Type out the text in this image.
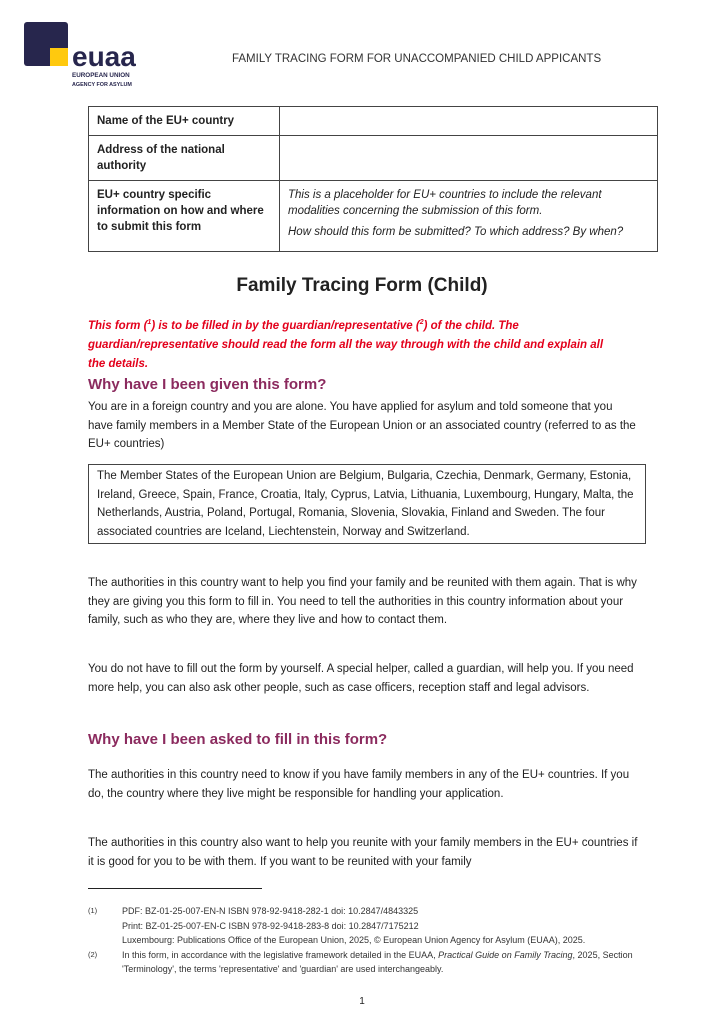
euaa
EUROPEAN UNION
AGENCY FOR ASYLUM
FAMILY TRACING FORM FOR UNACCOMPANIED CHILD APPICANTS
Name of the EU+ country	
Address of the national authority	
EU+ country specific information on how and where to submit this form	This is a placeholder for EU+ countries to include the relevant modalities concerning the submission of this form.

How should this form be submitted? To which address? By when?

Family Tracing Form (Child)
This form ($^1$) is to be filled in by the guardian/representative ($^2$) of the child. The guardian/representative should read the form all the way through with the child and explain all the details.
Why have I been given this form?

You are in a foreign country and you are alone. You have applied for asylum and told someone that you have family members in a Member State of the European Union or an associated country (referred to as the EU+ countries)

The Member States of the European Union are Belgium, Bulgaria, Czechia, Denmark, Germany, Estonia, Ireland, Greece, Spain, France, Croatia, Italy, Cyprus, Latvia, Lithuania, Luxembourg, Hungary, Malta, the Netherlands, Austria, Poland, Portugal, Romania, Slovenia, Slovakia, Finland and Sweden. The four associated countries are Iceland, Liechtenstein, Norway and Switzerland.

The authorities in this country want to help you find your family and be reunited with them again. That is why they are giving you this form to fill in. You need to tell the authorities in this country information about your family, such as who they are, where they live and how to contact them.

You do not have to fill out the form by yourself. A special helper, called a guardian, will help you. If you need more help, you can also ask other people, such as case officers, reception staff and legal advisors.

Why have I been asked to fill in this form?

The authorities in this country need to know if you have family members in any of the EU+ countries. If you do, the country where they live might be responsible for handling your application.

The authorities in this country also want to help you reunite with your family members in the EU+ countries if it is good for you to be with them. If you want to be reunited with your family

(1)	PDF: BZ-01-25-007-EN-N ISBN 978-92-9418-282-1 doi: 10.2847/4843325
Print: BZ-01-25-007-EN-C ISBN 978-92-9418-283-8 doi: 10.2847/7175212
Luxembourg: Publications Office of the European Union, 2025, © European Union Agency for Asylum (EUAA), 2025.
(2)	In this form, in accordance with the legislative framework detailed in the EUAA, Practical Guide on Family Tracing, 2025, Section 'Terminology', the terms 'representative' and 'guardian' are used interchangeably.
1
